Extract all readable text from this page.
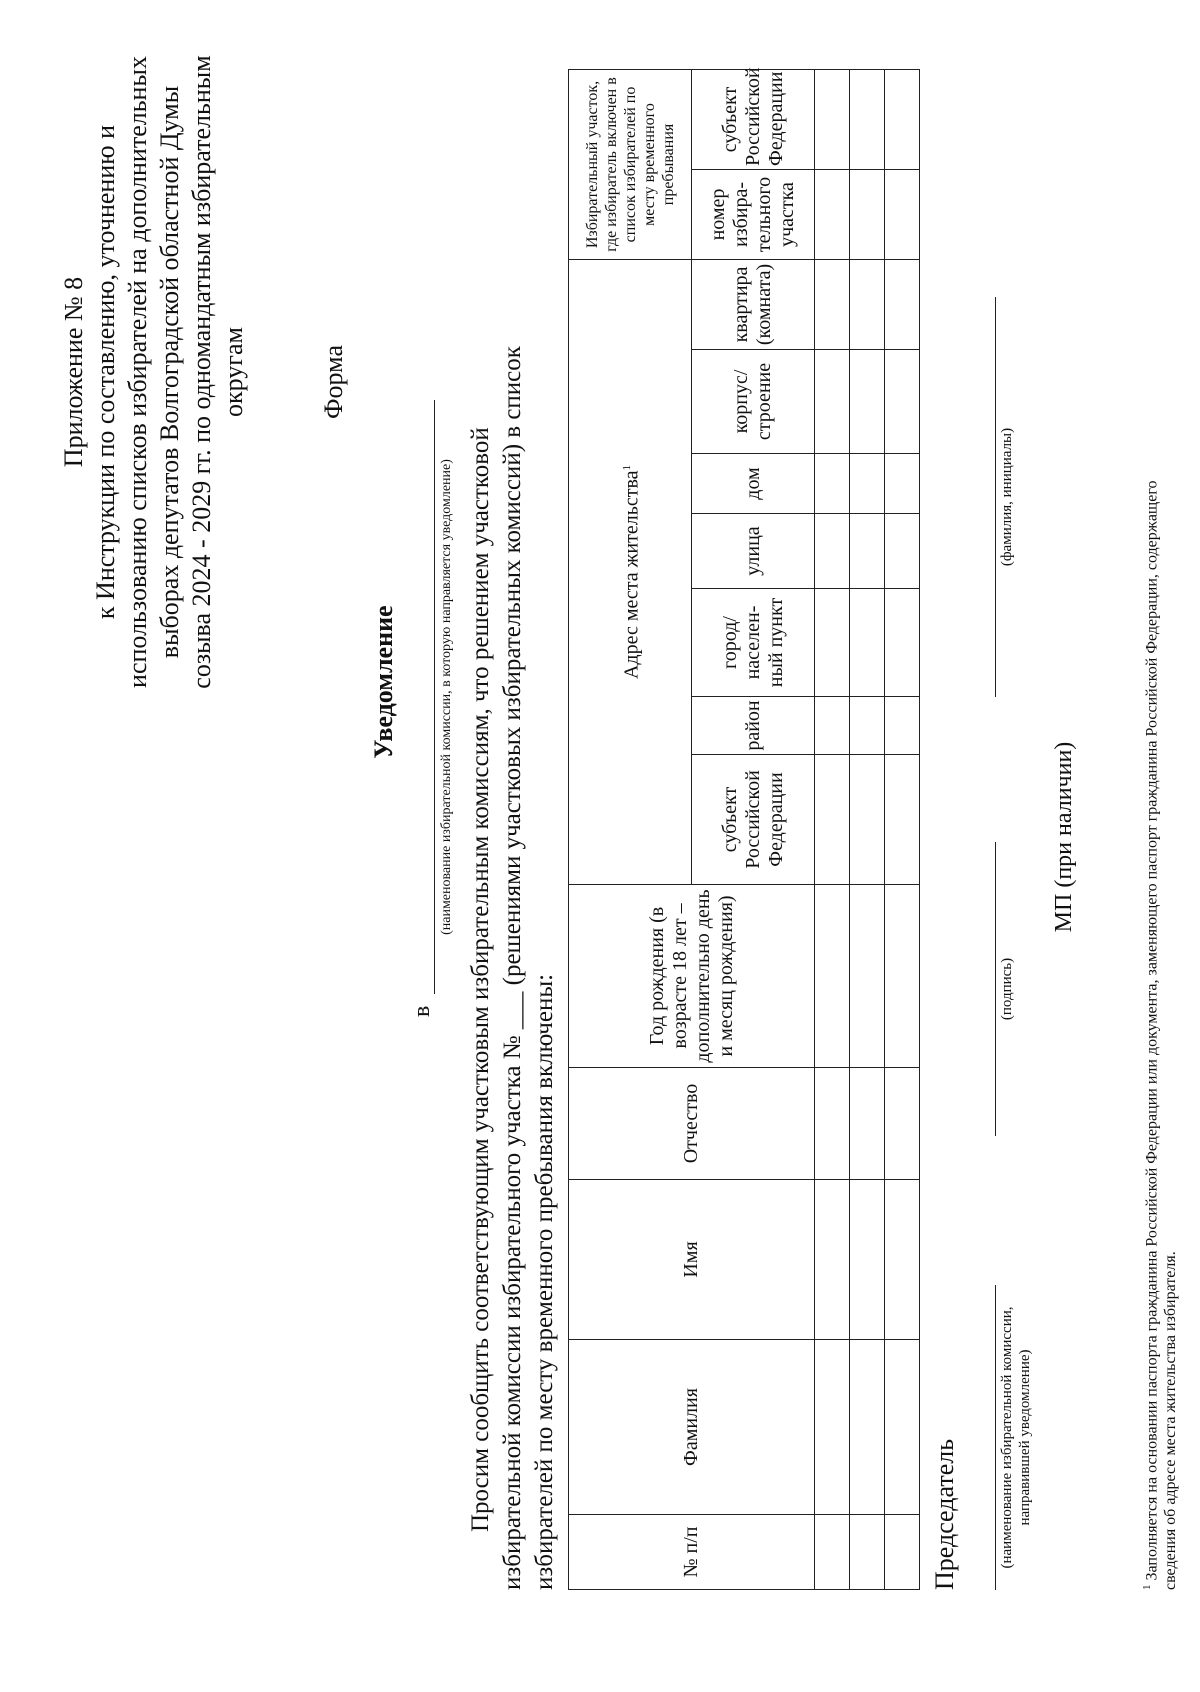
Приложение № 8 к Инструкции по составлению, уточнению и использованию списков избирателей на дополнительных выборах депутатов Волгоградской областной Думы созыва 2024 - 2029 гг. по одномандатным избирательным округам	Форма
Уведомление
в
(наименование избирательной комиссии, в которую направляется уведомление) Просим сообщить соответствующим участковым избирательным комиссиям, что решением участковой избирательной комиссии избирательного участка № ___ (решениями участковых избирательных комиссий) в список избирателей по месту временного пребывания включены:	№ п/п	Фамилия	Имя	Отчество	Год рождения (в возрасте 18 лет – дополнительно день и месяц рождения)	Адрес места жительства$^1$							Избирательный участок, где избиратель включен в список избирателей по месту временного пребывания	
					субъект Российской Федерации	район	город/ населен- ный пункт	улица	дом	корпус/ строение	квартира (комната)	номер избира- тельного участка	субъект Российской Федерации

Председатель	(наименование избирательной комиссии, направившей уведомление)
(подпись)
(фамилия, инициалы)
МП (при наличии)
$^1$ Заполняется на основании паспорта гражданина Российской Федерации или документа, заменяющего паспорт гражданина Российской Федерации, содержащего сведения об адресе места жительства избирателя.
